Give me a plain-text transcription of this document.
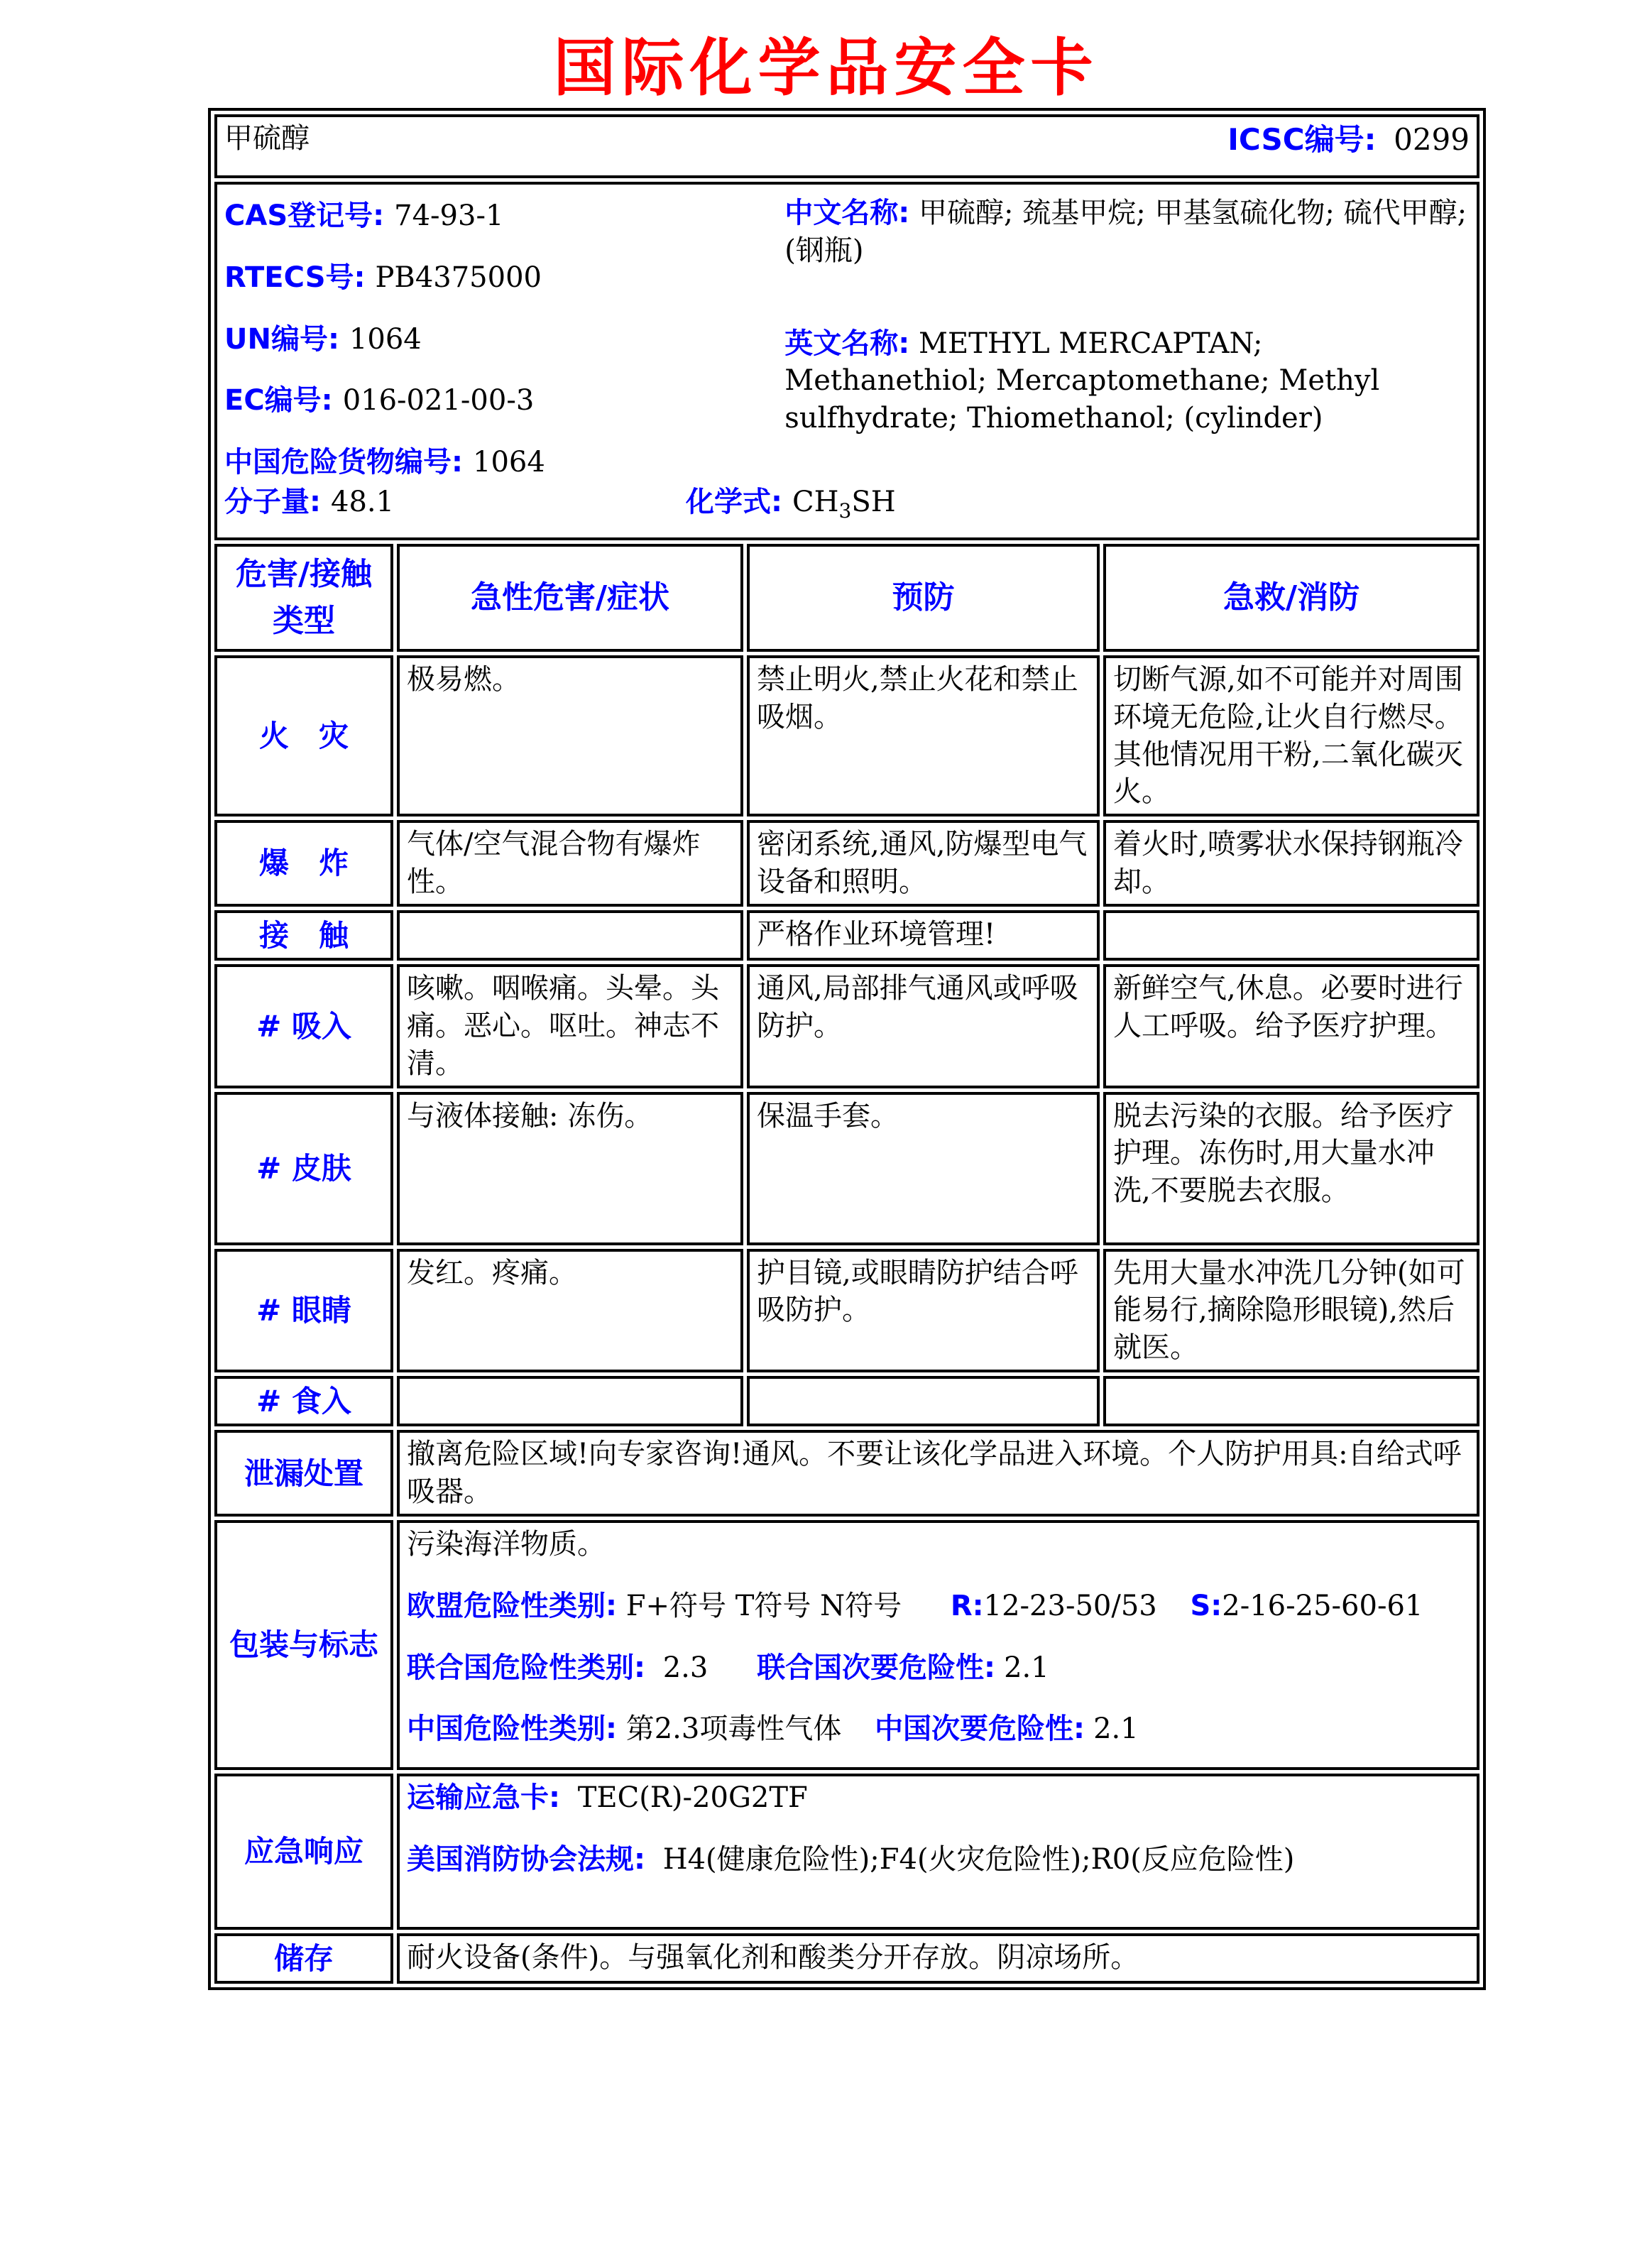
国际化学品安全卡
甲硫醇 ICSC编号: 0299			

CAS登记号: 74-93-1
RTECS号: PB4375000
UN编号: 1064
EC编号: 016-021-00-3
中国危险货物编号: 1064

中文名称: 甲硫醇; 巯基甲烷; 甲基氢硫化物; 硫代甲醇; (钢瓶)

英文名称: METHYL MERCAPTAN; Methanethiol; Mercaptomethane; Methyl sulfhydrate; Thiomethanol; (cylinder)

分子量: 48.1	化学式: $CH_3SH$

危害/接触
类型	急性危害/症状	预防	急救/消防
火　灾	极易燃。	禁止明火,禁止火花和禁止吸烟。	切断气源,如不可能并对周围环境无危险,让火自行燃尽。其他情况用干粉,二氧化碳灭火。
爆　炸	气体/空气混合物有爆炸性。	密闭系统,通风,防爆型电气设备和照明。	着火时,喷雾状水保持钢瓶冷却。
接　触		严格作业环境管理!	
# 吸入	咳嗽。咽喉痛。头晕。头痛。恶心。呕吐。神志不清。	通风,局部排气通风或呼吸防护。	新鲜空气,休息。必要时进行人工呼吸。给予医疗护理。
# 皮肤	与液体接触: 冻伤。	保温手套。	脱去污染的衣服。给予医疗护理。冻伤时,用大量水冲洗,不要脱去衣服。
# 眼睛	发红。疼痛。	护目镜,或眼睛防护结合呼吸防护。	先用大量水冲洗几分钟(如可能易行,摘除隐形眼镜),然后就医。
# 食入			
泄漏处置	撤离危险区域!向专家咨询!通风。不要让该化学品进入环境。个人防护用具:自给式呼吸器。		
包装与标志	污染海洋物质。

欧盟危险性类别: F+符号 T符号 N符号 R:12-23-50/53 S:2-16-25-60-61

联合国危险性类别: 2.3 联合国次要危险性: 2.1

中国危险性类别: 第2.3项毒性气体 中国次要危险性: 2.1		

应急响应	运输应急卡: TEC(R)-20G2TF

美国消防协会法规: H4(健康危险性);F4(火灾危险性);R0(反应危险性)		

储存	耐火设备(条件)。与强氧化剂和酸类分开存放。阴凉场所。		
